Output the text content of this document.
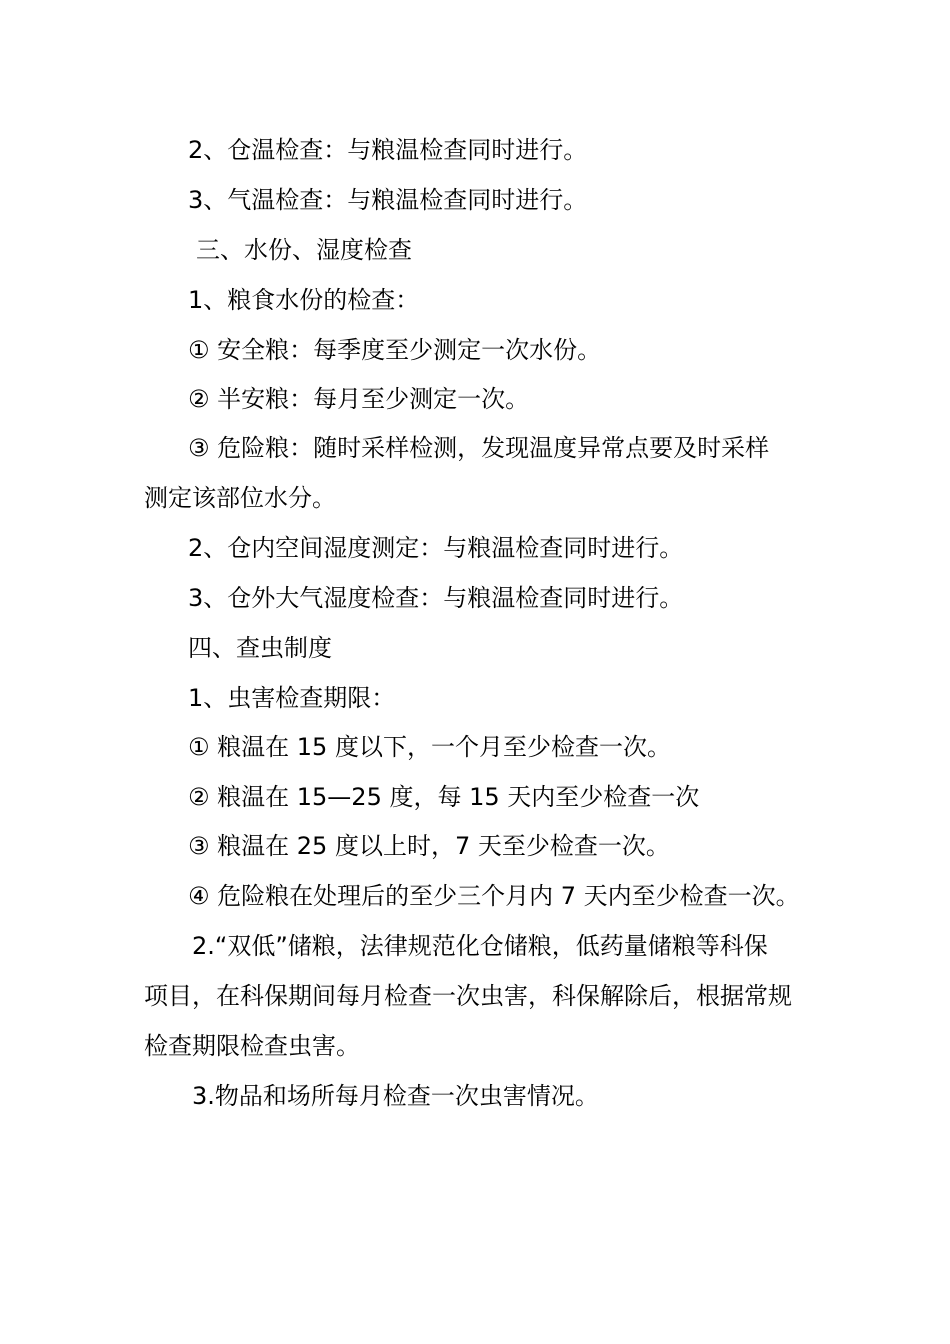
2、仓温检查：与粮温检查同时进行。
3、气温检查：与粮温检查同时进行。
三、水份、湿度检查
1、粮食水份的检查：
① 安全粮：每季度至少测定一次水份。
② 半安粮：每月至少测定一次。
③ 危险粮：随时采样检测，发现温度异常点要及时采样
测定该部位水分。
2、仓内空间湿度测定：与粮温检查同时进行。
3、仓外大气湿度检查：与粮温检查同时进行。
四、查虫制度
1、虫害检查期限：
① 粮温在 15 度以下，一个月至少检查一次。
② 粮温在 15—25 度，每 15 天内至少检查一次
③ 粮温在 25 度以上时，7 天至少检查一次。
④ 危险粮在处理后的至少三个月内 7 天内至少检查一次。
2.“双低”储粮，法律规范化仓储粮，低药量储粮等科保
项目，在科保期间每月检查一次虫害，科保解除后，根据常规
检查期限检查虫害。
3.物品和场所每月检查一次虫害情况。
